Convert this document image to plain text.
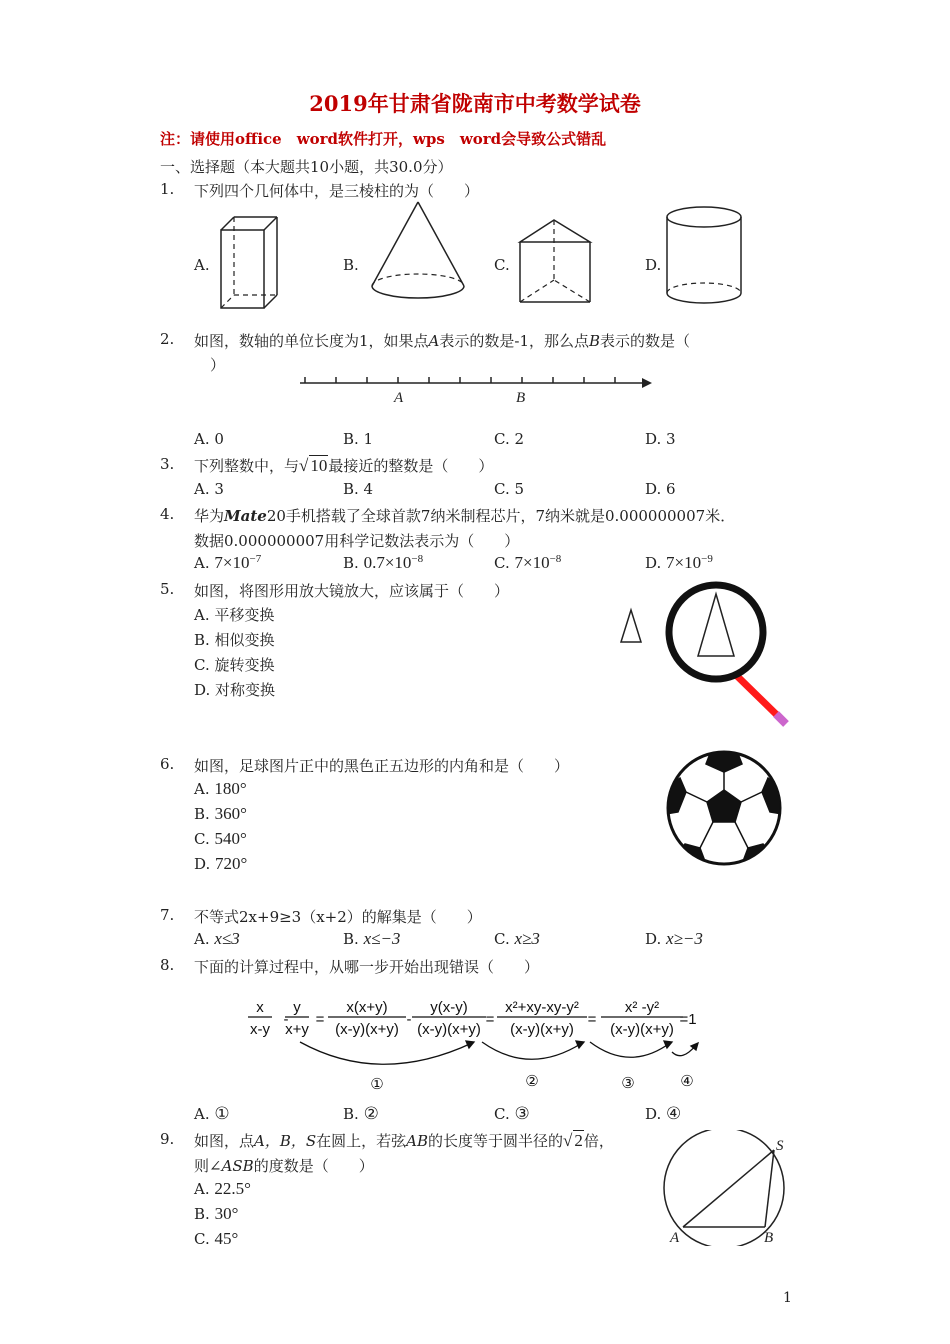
2019年甘肃省陇南市中考数学试卷
注：请使用office　word软件打开，wps　word会导致公式错乱
一、选择题（本大题共10小题，共30.0分）
1. 下列四个几何体中，是三棱柱的为（　　）
A.	B.	C.	D.
2. 如图，数轴的单位长度为1，如果点A表示的数是-1，那么点B表示的数是（
）
A	B
A. 0	B. 1	C. 2	D. 3
3. 下列整数中，与√ 10最接近的整数是（　　）
A. 3	B. 4	C. 5	D. 6
4. 华为Mate20手机搭载了全球首款7纳米制程芯片，7纳米就是0.000000007米．
数据0.000000007用科学记数法表示为（　　）
A. $7\times 10^{-7}$	B. $0.7\times 10^{-8}$	C. $7\times 10^{-8}$	D. $7\times 10^{-9}$
5. 如图，将图形用放大镜放大，应该属于（　　）
A. 平移变换
B. 相似变换
C. 旋转变换
D. 对称变换
6. 如图，足球图片正中的黑色正五边形的内角和是（　　）
A. 180°
B. 360°
C. 540°
D. 720°
7. 不等式2x+9≥3（x+2）的解集是（　　）
A. x≤3	B. x≤−3	C. x≥3	D. x≥−3
8. 下面的计算过程中，从哪一步开始出现错误（　　）
x
x-y
-
y
x+y
=
x(x+y)
(x-y)(x+y)
-
y(x-y)
(x-y)(x+y)
=
x²+xy-xy-y²
(x-y)(x+y)
=
x² -y²
(x-y)(x+y)
=1
①	②	③	④
A. ①	B. ②	C. ③	D. ④
9. 如图，点A，B，S在圆上，若弦AB的长度等于圆半径的√ 2倍，
则∠ASB的度数是（　　）
A. 22.5°
B. 30°
C. 45°
S
A	B
1
